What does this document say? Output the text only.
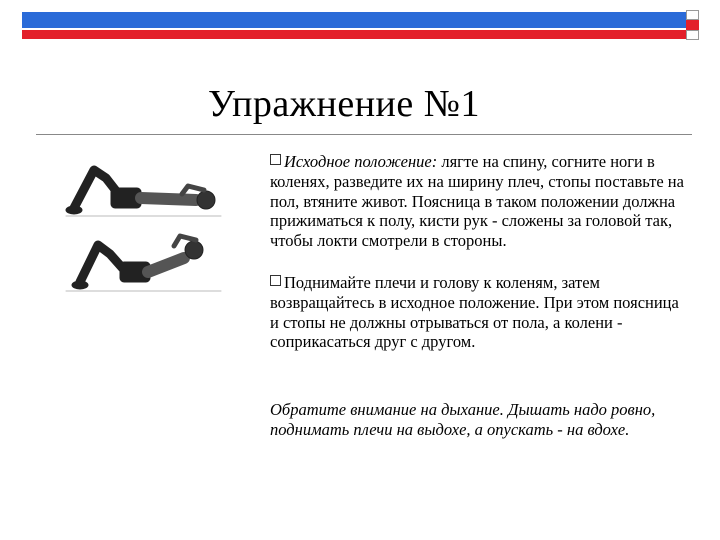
Упражнение №1

Исходное положение: лягте на спину, согните ноги в коленях, разведите их на ширину плеч, стопы поставьте на пол, втяните живот. Поясница в таком положении должна прижиматься к полу, кисти рук - сложены за головой так, чтобы локти смотрели в стороны.

Поднимайте плечи и голову к коленям, затем возвращайтесь в исходное положение. При этом поясница и стопы не должны отрываться от пола, а колени - соприкасаться друг с другом.

Обратите внимание на дыхание. Дышать надо ровно, поднимать плечи на выдохе, а опускать - на вдохе.
